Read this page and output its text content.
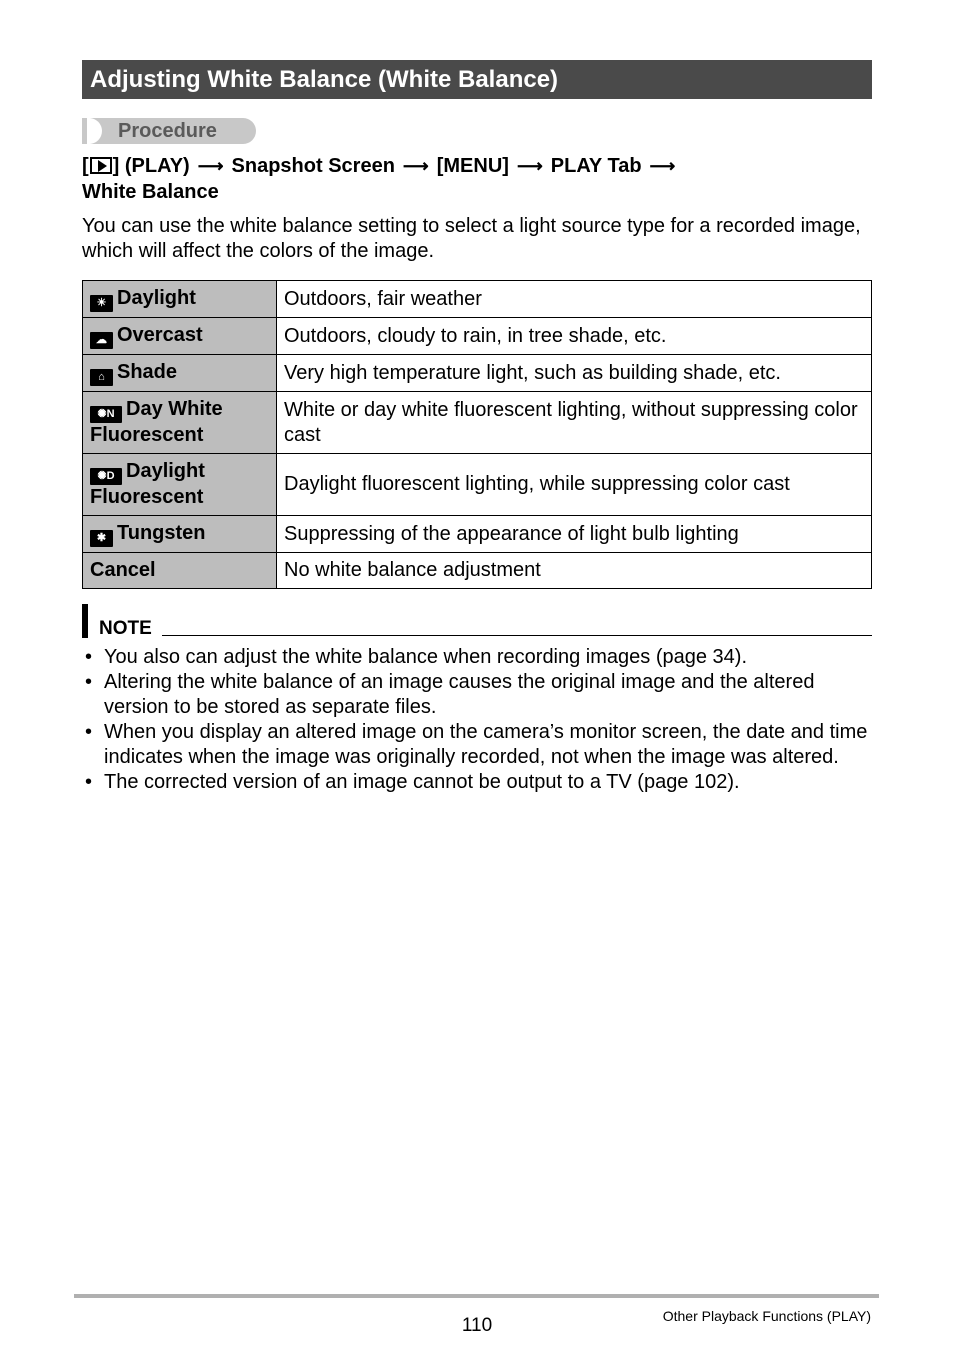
Adjusting White Balance (White Balance)
Procedure
[ ] (PLAY) ⟶ Snapshot Screen ⟶ [MENU] ⟶ PLAY Tab ⟶
White Balance
You can use the white balance setting to select a light source type for a recorded image, which will affect the colors of the image.
☀ Daylight	Outdoors, fair weather
☁ Overcast	Outdoors, cloudy to rain, in tree shade, etc.
⌂ Shade	Very high temperature light, such as building shade, etc.
✺N Day White Fluorescent	White or day white fluorescent lighting, without suppressing color cast
✺D Daylight Fluorescent	Daylight fluorescent lighting, while suppressing color cast
✱ Tungsten	Suppressing of the appearance of light bulb lighting
Cancel	No white balance adjustment
NOTE
• You also can adjust the white balance when recording images (page 34).
• Altering the white balance of an image causes the original image and the altered version to be stored as separate files.
• When you display an altered image on the camera’s monitor screen, the date and time indicates when the image was originally recorded, not when the image was altered.
• The corrected version of an image cannot be output to a TV (page 102).
110	Other Playback Functions (PLAY)
